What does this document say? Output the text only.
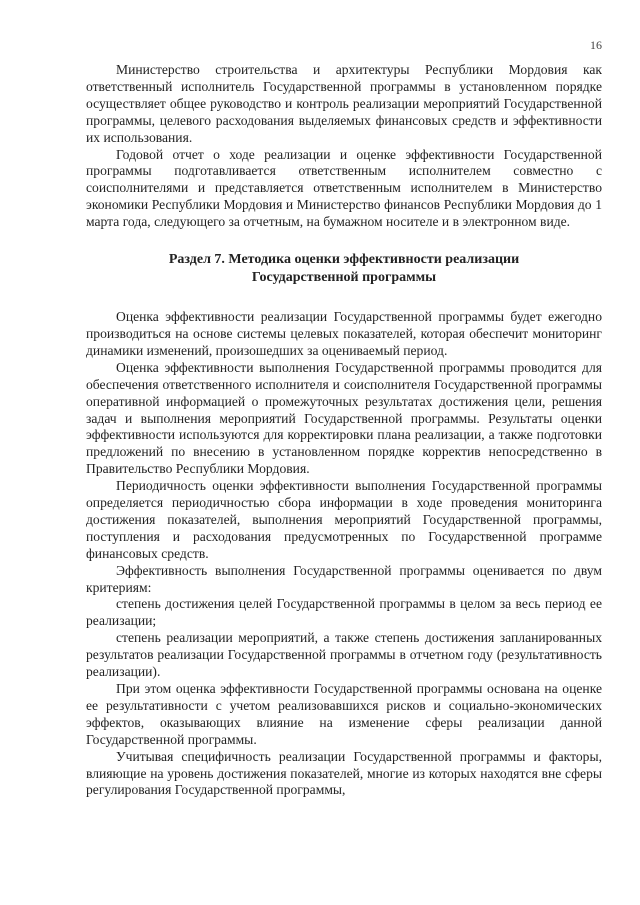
16

Министерство строительства и архитектуры Республики Мордовия как ответственный исполнитель Государственной программы в установленном порядке осуществляет общее руководство и контроль реализации мероприятий Государственной программы, целевого расходования выделяемых финансовых средств и эффективности их использования.

Годовой отчет о ходе реализации и оценке эффективности Государственной программы подготавливается ответственным исполнителем совместно с соисполнителями и представляется ответственным исполнителем в Министерство экономики Республики Мордовия и Министерство финансов Республики Мордовия до 1 марта года, следующего за отчетным, на бумажном носителе и в электронном виде.

Раздел 7. Методика оценки эффективности реализации
Государственной программы

Оценка эффективности реализации Государственной программы будет ежегодно производиться на основе системы целевых показателей, которая обеспечит мониторинг динамики изменений, произошедших за оцениваемый период.

Оценка эффективности выполнения Государственной программы проводится для обеспечения ответственного исполнителя и соисполнителя Государственной программы оперативной информацией о промежуточных результатах достижения цели, решения задач и выполнения мероприятий Государственной программы. Результаты оценки эффективности используются для корректировки плана реализации, а также подготовки предложений по внесению в установленном порядке корректив непосредственно в Правительство Республики Мордовия.

Периодичность оценки эффективности выполнения Государственной программы определяется периодичностью сбора информации в ходе проведения мониторинга достижения показателей, выполнения мероприятий Государственной программы, поступления и расходования предусмотренных по Государственной программе финансовых средств.

Эффективность выполнения Государственной программы оценивается по двум критериям:

степень достижения целей Государственной программы в целом за весь период ее реализации;

степень реализации мероприятий, а также степень достижения запланированных результатов реализации Государственной программы в отчетном году (результативность реализации).

При этом оценка эффективности Государственной программы основана на оценке ее результативности с учетом реализовавшихся рисков и социально-экономических эффектов, оказывающих влияние на изменение сферы реализации данной Государственной программы.

Учитывая специфичность реализации Государственной программы и факторы, влияющие на уровень достижения показателей, многие из которых находятся вне сферы регулирования Государственной программы,
